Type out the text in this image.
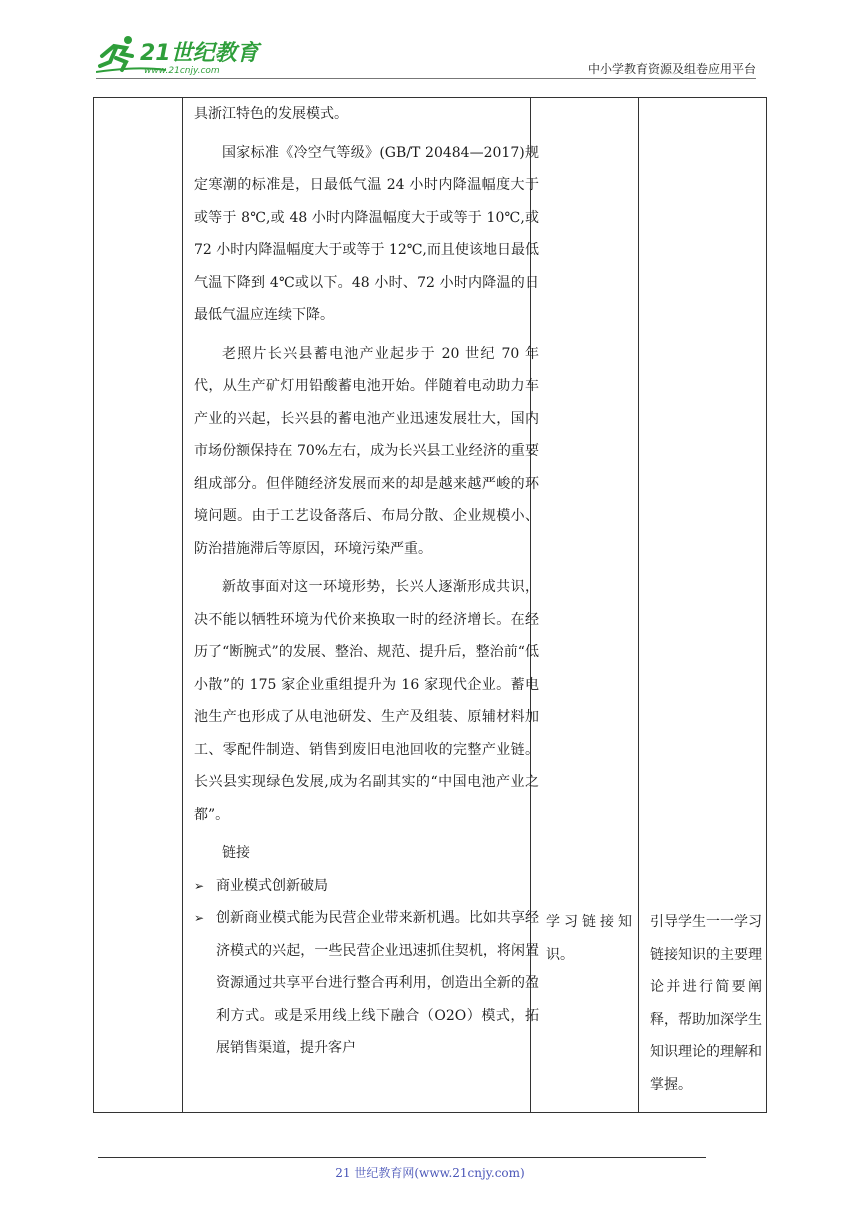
21世纪教育
www.21cnjy.com	中小学教育资源及组卷应用平台

具浙江特色的发展模式。

国家标准《冷空气等级》(GB/T 20484—2017)规定寒潮的标准是，日最低气温 24 小时内降温幅度大于或等于 8℃,或 48 小时内降温幅度大于或等于 10℃,或 72 小时内降温幅度大于或等于 12℃,而且使该地日最低气温下降到 4℃或以下。48 小时、72 小时内降温的日最低气温应连续下降。

老照片长兴县蓄电池产业起步于 20 世纪 70 年代，从生产矿灯用铅酸蓄电池开始。伴随着电动助力车产业的兴起，长兴县的蓄电池产业迅速发展壮大，国内市场份额保持在 70%左右，成为长兴县工业经济的重要组成部分。但伴随经济发展而来的却是越来越严峻的环境问题。由于工艺设备落后、布局分散、企业规模小、防治措施滞后等原因，环境污染严重。

新故事面对这一环境形势，长兴人逐渐形成共识，决不能以牺牲环境为代价来换取一时的经济增长。在经历了“断腕式”的发展、整治、规范、提升后，整治前“低小散”的 175 家企业重组提升为 16 家现代企业。蓄电池生产也形成了从电池研发、生产及组装、原辅材料加工、零配件制造、销售到废旧电池回收的完整产业链。长兴县实现绿色发展,成为名副其实的“中国电池产业之都”。

链接

➢ 商业模式创新破局

➢ 创新商业模式能为民营企业带来新机遇。比如共享经济模式的兴起，一些民营企业迅速抓住契机，将闲置资源通过共享平台进行整合再利用，创造出全新的盈利方式。或是采用线上线下融合（O2O）模式，拓展销售渠道，提升客户

学习链接知识。
引导学生一一学习链接知识的主要理论并进行简要阐释，帮助加深学生知识理论的理解和掌握。
21 世纪教育网(www.21cnjy.com)
